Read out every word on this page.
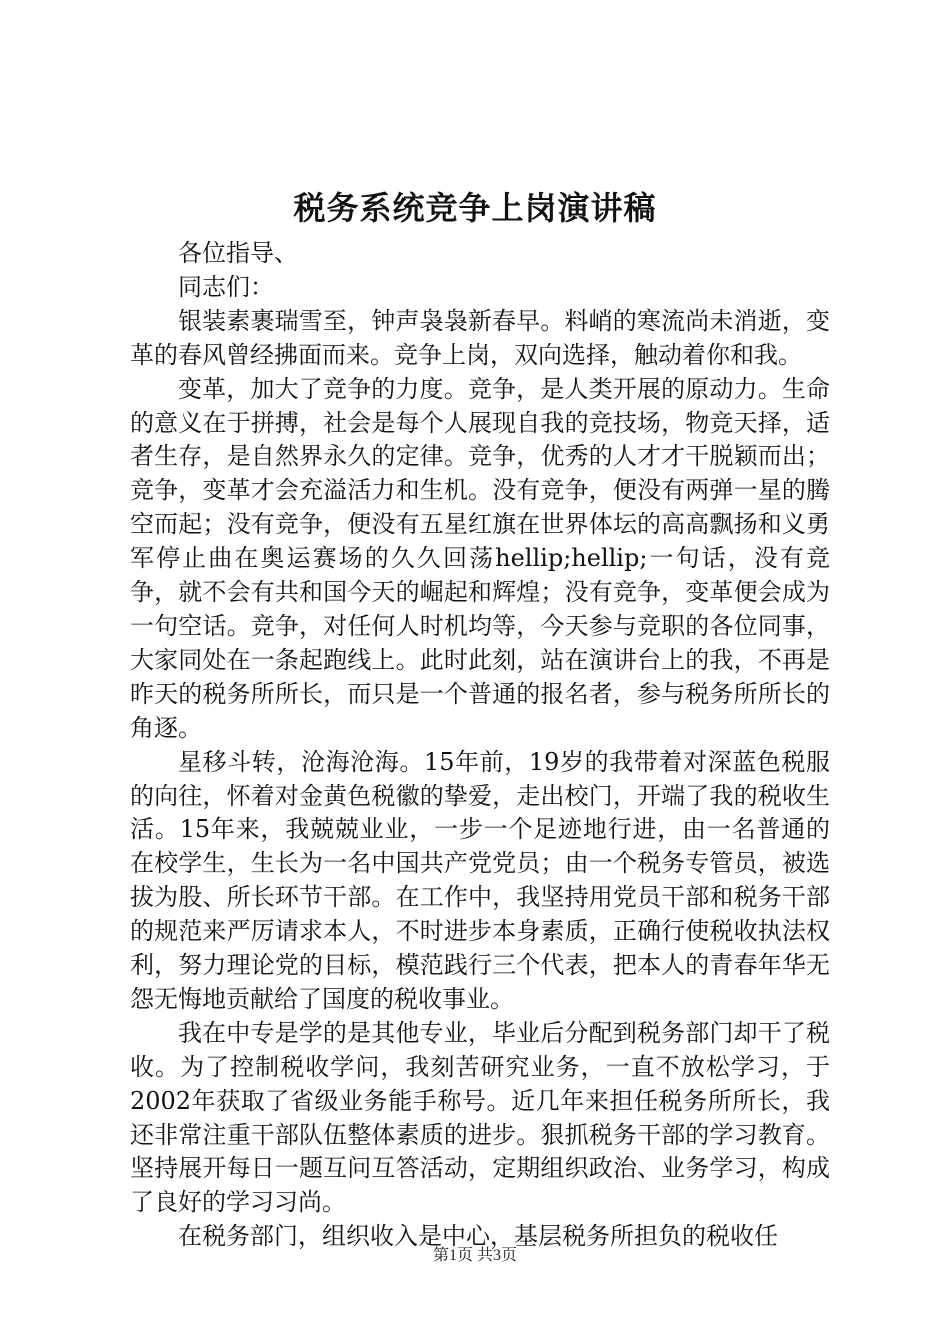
税务系统竞争上岗演讲稿

各位指导、

同志们：

银装素裹瑞雪至，钟声袅袅新春早。料峭的寒流尚未消逝，变革的春风曾经拂面而来。竞争上岗，双向选择，触动着你和我。

变革，加大了竞争的力度。竞争，是人类开展的原动力。生命的意义在于拼搏，社会是每个人展现自我的竞技场，物竞天择，适者生存，是自然界永久的定律。竞争，优秀的人才才干脱颖而出；竞争，变革才会充溢活力和生机。没有竞争，便没有两弹一星的腾空而起；没有竞争，便没有五星红旗在世界体坛的高高飘扬和义勇军停止曲在奥运赛场的久久回荡hellip;hellip;一句话，没有竞争，就不会有共和国今天的崛起和辉煌；没有竞争，变革便会成为一句空话。竞争，对任何人时机均等，今天参与竞职的各位同事，大家同处在一条起跑线上。此时此刻，站在演讲台上的我，不再是昨天的税务所所长，而只是一个普通的报名者，参与税务所所长的角逐。

星移斗转，沧海沧海。15年前，19岁的我带着对深蓝色税服的向往，怀着对金黄色税徽的挚爱，走出校门，开端了我的税收生活。15年来，我兢兢业业，一步一个足迹地行进，由一名普通的在校学生，生长为一名中国共产党党员；由一个税务专管员，被选拔为股、所长环节干部。在工作中，我坚持用党员干部和税务干部的规范来严厉请求本人，不时进步本身素质，正确行使税收执法权利，努力理论党的目标，模范践行三个代表，把本人的青春年华无怨无悔地贡献给了国度的税收事业。

我在中专是学的是其他专业，毕业后分配到税务部门却干了税收。为了控制税收学问，我刻苦研究业务，一直不放松学习，于2002年获取了省级业务能手称号。近几年来担任税务所所长，我还非常注重干部队伍整体素质的进步。狠抓税务干部的学习教育。坚持展开每日一题互问互答活动，定期组织政治、业务学习，构成了良好的学习习尚。

在税务部门，组织收入是中心，基层税务所担负的税收任

第1页 共3页
